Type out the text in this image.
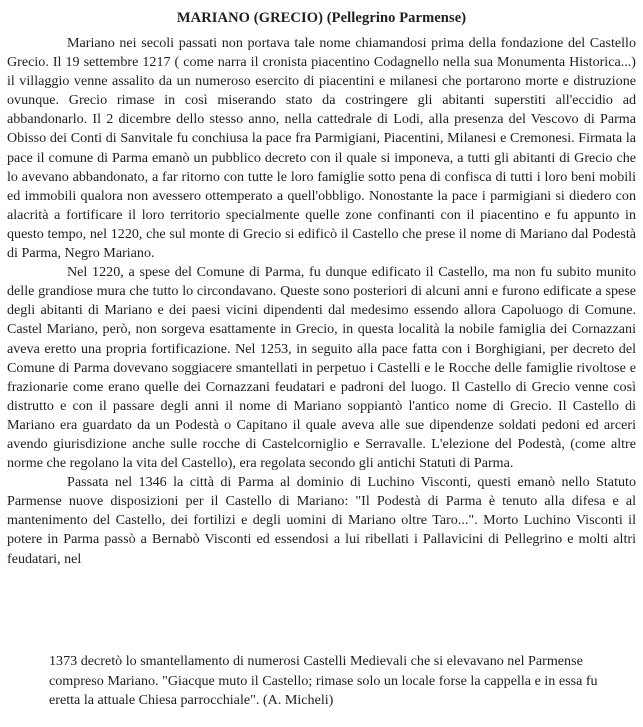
MARIANO (GRECIO) (Pellegrino Parmense)

Mariano nei secoli passati non portava tale nome chiamandosi prima della fondazione del Castello Grecio. Il 19 settembre 1217 ( come narra il cronista piacentino Codagnello nella sua Monumenta Historica...) il villaggio venne assalito da un numeroso esercito di piacentini e milanesi che portarono morte e distruzione ovunque. Grecio rimase in così miserando stato da costringere gli abitanti superstiti all'eccidio ad abbandonarlo. Il 2 dicembre dello stesso anno, nella cattedrale di Lodi, alla presenza del Vescovo di Parma Obisso dei Conti di Sanvitale fu conchiusa la pace fra Parmigiani, Piacentini, Milanesi e Cremonesi. Firmata la pace il comune di Parma emanò un pubblico decreto con il quale si imponeva, a tutti gli abitanti di Grecio che lo avevano abbandonato, a far ritorno con tutte le loro famiglie sotto pena di confisca di tutti i loro beni mobili ed immobili qualora non avessero ottemperato a quell'obbligo. Nonostante la pace i parmigiani si diedero con alacrità a fortificare il loro territorio specialmente quelle zone confinanti con il piacentino e fu appunto in questo tempo, nel 1220, che sul monte di Grecio si edificò il Castello che prese il nome di Mariano dal Podestà di Parma, Negro Mariano.

Nel 1220, a spese del Comune di Parma, fu dunque edificato il Castello, ma non fu subito munito delle grandiose mura che tutto lo circondavano. Queste sono posteriori di alcuni anni e furono edificate a spese degli abitanti di Mariano e dei paesi vicini dipendenti dal medesimo essendo allora Capoluogo di Comune. Castel Mariano, però, non sorgeva esattamente in Grecio, in questa località la nobile famiglia dei Cornazzani aveva eretto una propria fortificazione. Nel 1253, in seguito alla pace fatta con i Borghigiani, per decreto del Comune di Parma dovevano soggiacere smantellati in perpetuo i Castelli e le Rocche delle famiglie rivoltose e frazionarie come erano quelle dei Cornazzani feudatari e padroni del luogo. Il Castello di Grecio venne così distrutto e con il passare degli anni il nome di Mariano soppiantò l'antico nome di Grecio. Il Castello di Mariano era guardato da un Podestà o Capitano il quale aveva alle sue dipendenze soldati pedoni ed arceri avendo giurisdizione anche sulle rocche di Castelcorniglio e Serravalle. L'elezione del Podestà, (come altre norme che regolano la vita del Castello), era regolata secondo gli antichi Statuti di Parma.

Passata nel 1346 la città di Parma al dominio di Luchino Visconti, questi emanò nello Statuto Parmense nuove disposizioni per il Castello di Mariano: "Il Podestà di Parma è tenuto alla difesa e al mantenimento del Castello, dei fortilizi e degli uomini di Mariano oltre Taro...". Morto Luchino Visconti il potere in Parma passò a Bernabò Visconti ed essendosi a lui ribellati i Pallavicini di Pellegrino e molti altri feudatari, nel

1373 decretò lo smantellamento di numerosi Castelli Medievali che si elevavano nel Parmense compreso Mariano. "Giacque muto il Castello; rimase solo un locale forse la cappella e in essa fu eretta la attuale Chiesa parrocchiale". (A. Micheli)
